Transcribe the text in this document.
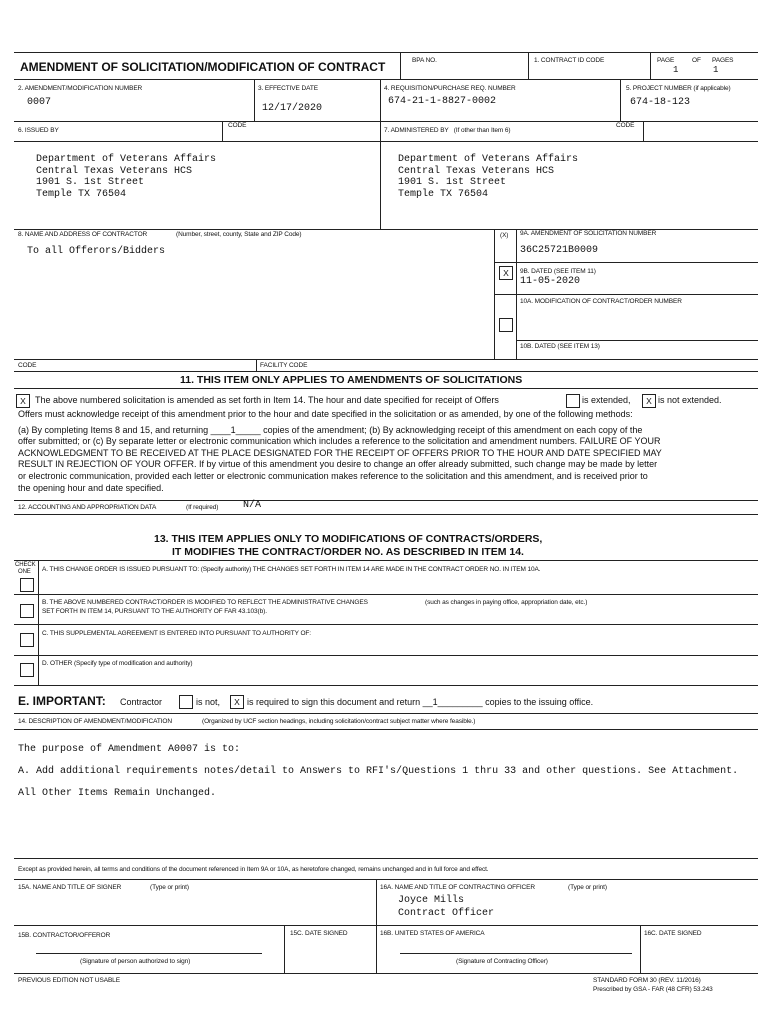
AMENDMENT OF SOLICITATION/MODIFICATION OF CONTRACT	BPA NO.	1. CONTRACT ID CODE	PAGE	OF PAGES
1	1
2. AMENDMENT/MODIFICATION NUMBER
0007
3. EFFECTIVE DATE
12/17/2020
4. REQUISITION/PURCHASE REQ. NUMBER
674-21-1-8827-0002
5. PROJECT NUMBER (if applicable)
674-18-123
6. ISSUED BY
CODE
Department of Veterans Affairs
Central Texas Veterans HCS
1901 S. 1st Street
Temple TX 76504
7. ADMINISTERED BY (If other than Item 6)
CODE
Department of Veterans Affairs
Central Texas Veterans HCS
1901 S. 1st Street
Temple TX 76504
8. NAME AND ADDRESS OF CONTRACTOR	(Number, street, county, State and ZIP Code)
To all Offerors/Bidders
(X) 9A. AMENDMENT OF SOLICITATION NUMBER
36C25721B0009
X	9B. DATED (SEE ITEM 11)
11-05-2020
10A. MODIFICATION OF CONTRACT/ORDER NUMBER
10B. DATED (SEE ITEM 13)
CODE	FACILITY CODE
11. THIS ITEM ONLY APPLIES TO AMENDMENTS OF SOLICITATIONS
X	The above numbered solicitation is amended as set forth in Item 14. The hour and date specified for receipt of Offers	is extended,	X is not extended.
Offers must acknowledge receipt of this amendment prior to the hour and date specified in the solicitation or as amended, by one of the following methods:
(a) By completing Items 8 and 15, and returning ____1_____ copies of the amendment; (b) By acknowledging receipt of this amendment on each copy of the
offer submitted; or (c) By separate letter or electronic communication which includes a reference to the solicitation and amendment numbers. FAILURE OF YOUR
ACKNOWLEDGMENT TO BE RECEIVED AT THE PLACE DESIGNATED FOR THE RECEIPT OF OFFERS PRIOR TO THE HOUR AND DATE SPECIFIED MAY
RESULT IN REJECTION OF YOUR OFFER. If by virtue of this amendment you desire to change an offer already submitted, such change may be made by letter
or electronic communication, provided each letter or electronic communication makes reference to the solicitation and this amendment, and is received prior to
the opening hour and date specified.
12. ACCOUNTING AND APPROPRIATION DATA	(If required) N/A
13. THIS ITEM APPLIES ONLY TO MODIFICATIONS OF CONTRACTS/ORDERS,
IT MODIFIES THE CONTRACT/ORDER NO. AS DESCRIBED IN ITEM 14.
CHECK
ONE A. THIS CHANGE ORDER IS ISSUED PURSUANT TO: (Specify authority) THE CHANGES SET FORTH IN ITEM 14 ARE MADE IN THE CONTRACT ORDER NO. IN ITEM 10A.
B. THE ABOVE NUMBERED CONTRACT/ORDER IS MODIFIED TO REFLECT THE ADMINISTRATIVE CHANGES	(such as changes in paying office, appropriation date, etc.)
SET FORTH IN ITEM 14, PURSUANT TO THE AUTHORITY OF FAR 43.103(b).
C. THIS SUPPLEMENTAL AGREEMENT IS ENTERED INTO PURSUANT TO AUTHORITY OF:
D. OTHER (Specify type of modification and authority)
E. IMPORTANT: Contractor	is not,	X is required to sign this document and return __1_________ copies to the issuing office.
14. DESCRIPTION OF AMENDMENT/MODIFICATION	(Organized by UCF section headings, including solicitation/contract subject matter where feasible.)
The purpose of Amendment A0007 is to:
A. Add additional requirements notes/detail to Answers to RFI's/Questions 1 thru 33 and other questions. See Attachment.
All Other Items Remain Unchanged.
Except as provided herein, all terms and conditions of the document referenced in Item 9A or 10A, as heretofore changed, remains unchanged and in full force and effect.
15A. NAME AND TITLE OF SIGNER	(Type or print)	16A. NAME AND TITLE OF CONTRACTING OFFICER	(Type or print)
Joyce Mills
Contract Officer
15B. CONTRACTOR/OFFEROR	15C. DATE SIGNED	16B. UNITED STATES OF AMERICA	16C. DATE SIGNED
(Signature of person authorized to sign)	(Signature of Contracting Officer)
PREVIOUS EDITION NOT USABLE	STANDARD FORM 30 (REV. 11/2016)
Prescribed by GSA - FAR (48 CFR) 53.243
